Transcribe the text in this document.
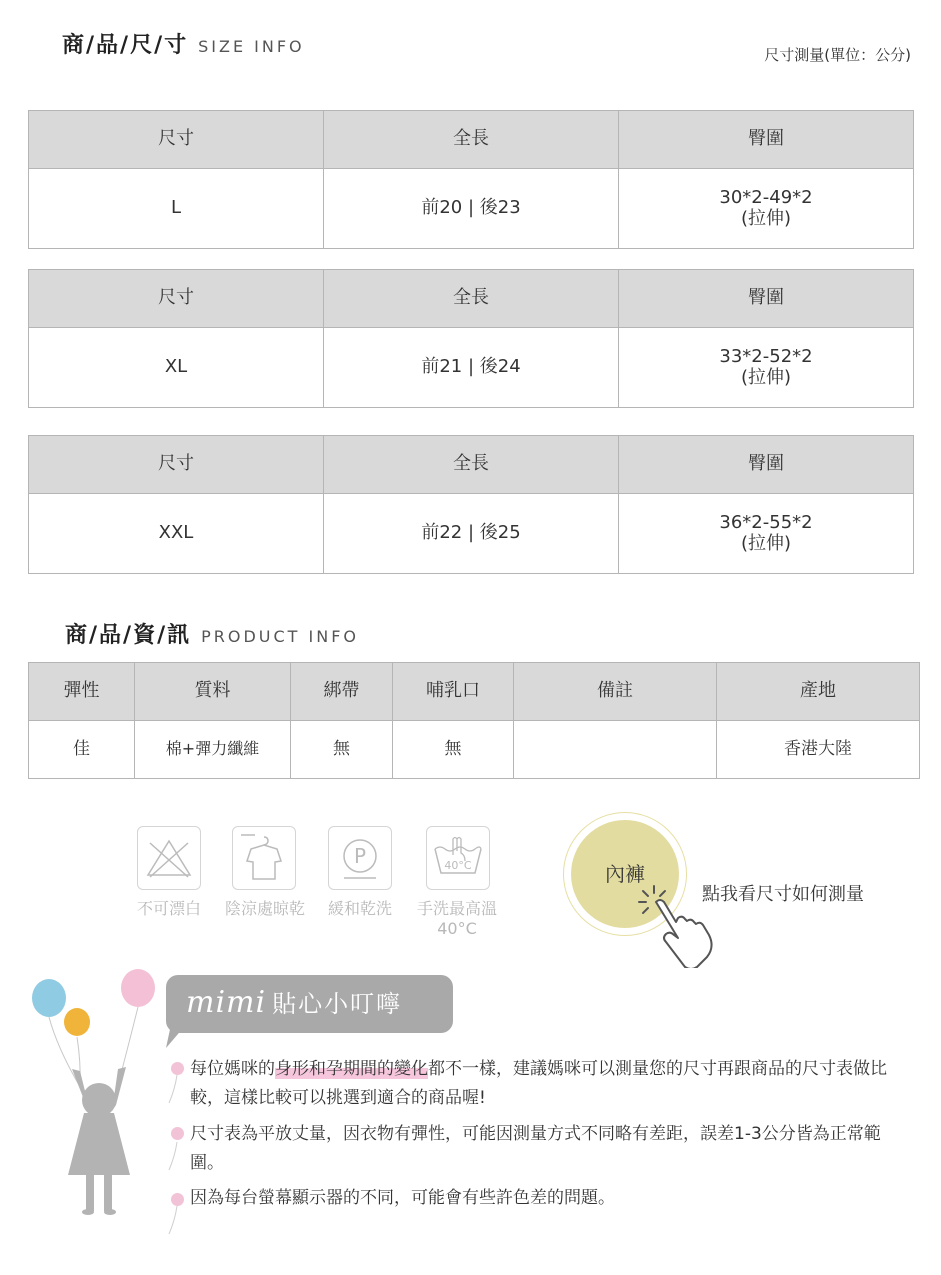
商/品/尺/寸 SIZE INFO	尺寸測量(單位：公分)
尺寸	全長	臀圍
L	前20 | 後23	30*2-49*2
(拉伸)
尺寸	全長	臀圍
XL	前21 | 後24	33*2-52*2
(拉伸)
尺寸	全長	臀圍
XXL	前22 | 後25	36*2-55*2
(拉伸)
商/品/資/訊 PRODUCT INFO
彈性	質料	綁帶	哺乳口	備註	產地
佳	棉+彈力纖維	無	無		香港大陸
不可漂白	陰涼處晾乾
P
緩和乾洗
40°C
手洗最高溫
40°C
內褲
點我看尺寸如何測量
mimi 貼心小叮嚀
每位媽咪的身形和孕期間的變化都不一樣，建議媽咪可以測量您的尺寸再跟商品的尺寸表做比較，這樣比較可以挑選到適合的商品喔!
尺寸表為平放丈量，因衣物有彈性，可能因測量方式不同略有差距，誤差1-3公分皆為正常範圍。
因為每台螢幕顯示器的不同，可能會有些許色差的問題。
